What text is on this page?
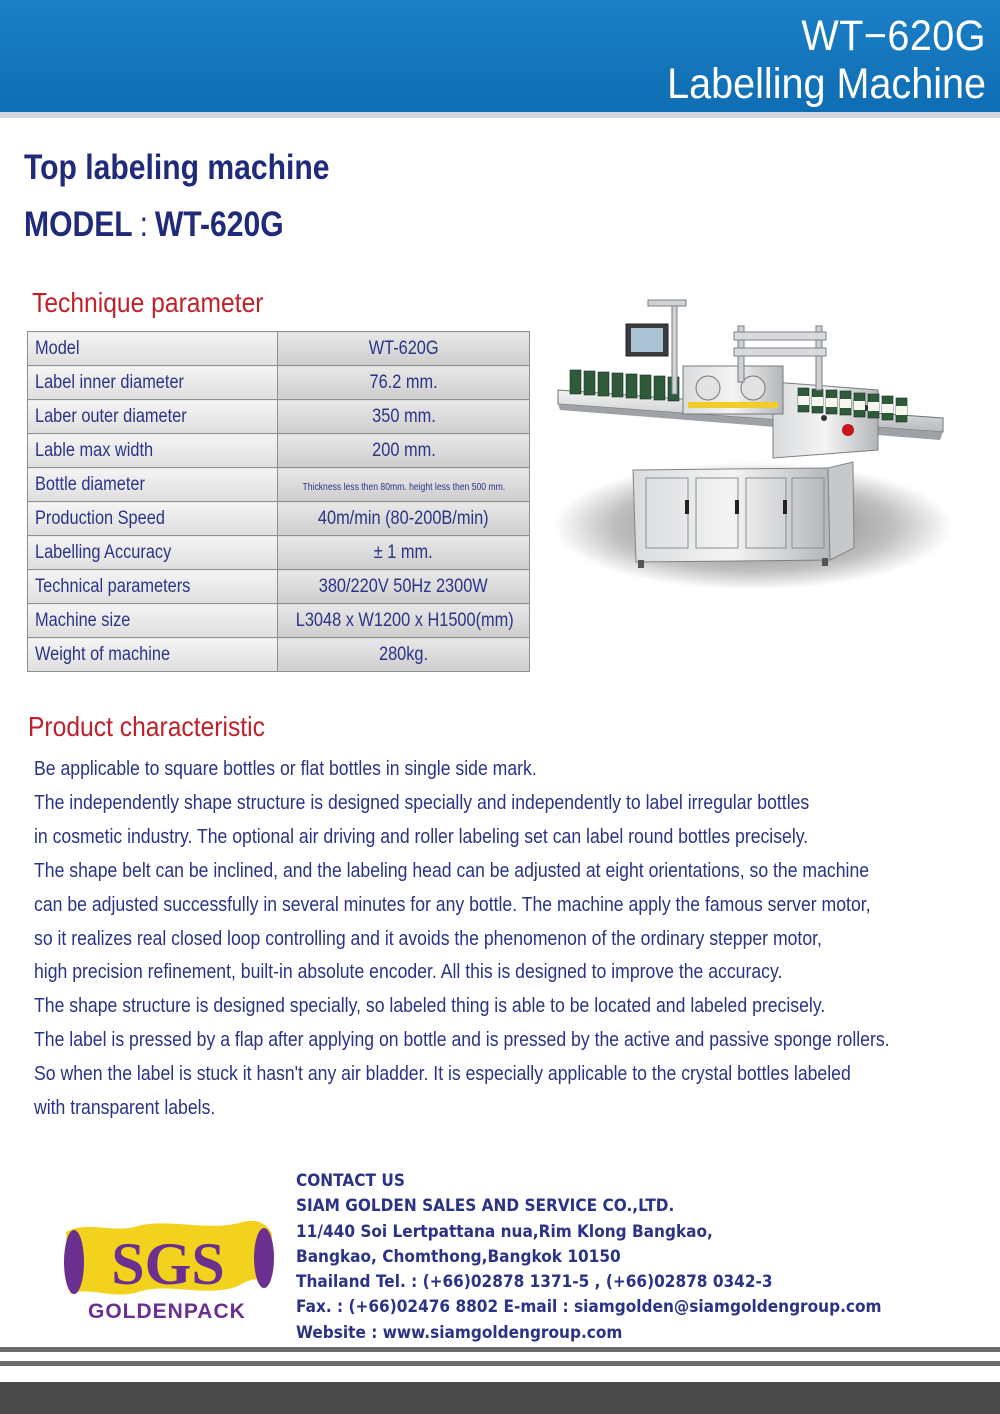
WT−620G
Labelling Machine
Top labeling machine
MODEL : WT-620G
Technique parameter
Model	WT-620G
Label inner diameter	76.2 mm.
Laber outer diameter	350 mm.
Lable max width	200 mm.
Bottle diameter	Thickness less then 80mm. height less then 500 mm.
Production Speed	40m/min (80-200B/min)
Labelling Accuracy	± 1 mm.
Technical parameters	380/220V 50Hz 2300W
Machine size	L3048 x W1200 x H1500(mm)
Weight of machine	280kg.
Product characteristic
Be applicable to square bottles or flat bottles in single side mark.
The independently shape structure is designed specially and independently to label irregular bottles
in cosmetic industry. The optional air driving and roller labeling set can label round bottles precisely.
The shape belt can be inclined, and the labeling head can be adjusted at eight orientations, so the machine
can be adjusted successfully in several minutes for any bottle. The machine apply the famous server motor,
so it realizes real closed loop controlling and it avoids the phenomenon of the ordinary stepper motor,
high precision refinement, built-in absolute encoder. All this is designed to improve the accuracy.
The shape structure is designed specially, so labeled thing is able to be located and labeled precisely.
The label is pressed by a flap after applying on bottle and is pressed by the active and passive sponge rollers.
So when the label is stuck it hasn't any air bladder. It is especially applicable to the crystal bottles labeled
with transparent labels.
SGS
GOLDENPACK
CONTACT US
SIAM GOLDEN SALES AND SERVICE CO.,LTD.
11/440 Soi Lertpattana nua,Rim Klong Bangkao,
Bangkao, Chomthong,Bangkok 10150
Thailand Tel. : (+66)02878 1371-5 , (+66)02878 0342-3
Fax. : (+66)02476 8802 E-mail : siamgolden@siamgoldengroup.com
Website : www.siamgoldengroup.com
